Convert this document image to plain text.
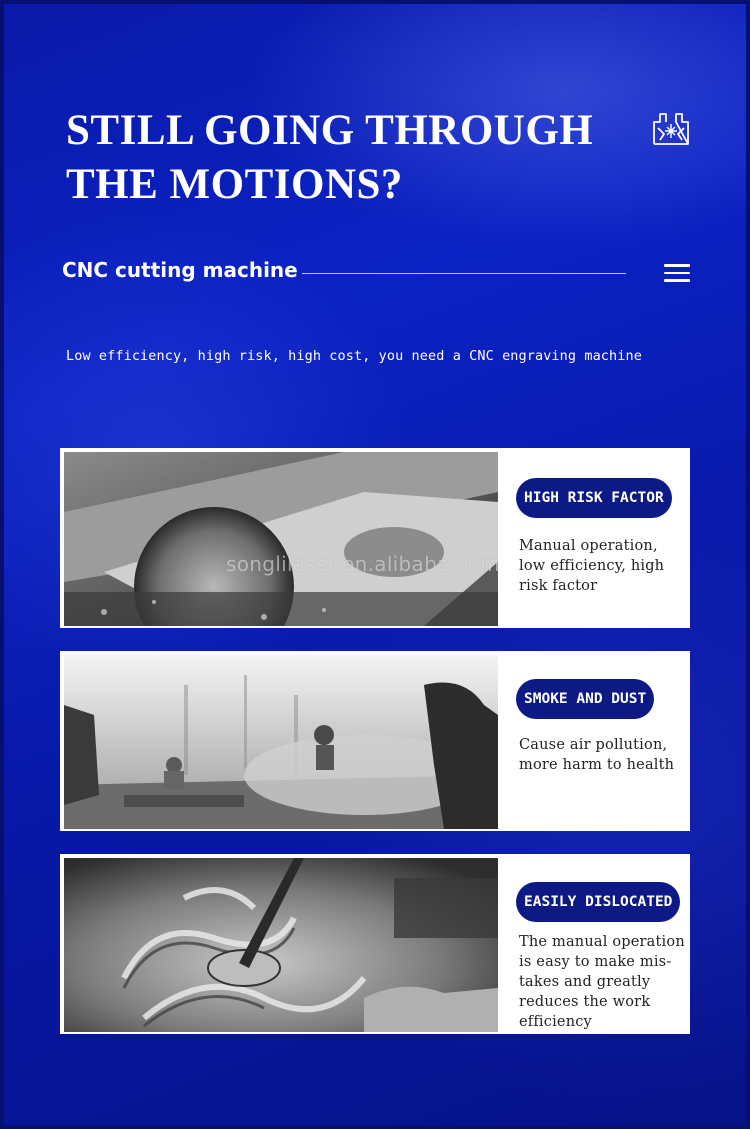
STILL GOING THROUGH
THE MOTIONS?
CNC cutting machine
Low efficiency, high risk, high cost, you need a CNC engraving machine
HIGH RISK FACTOR
Manual operation, low efficiency, high risk factor
SMOKE AND DUST
Cause air pollution, more harm to health
EASILY DISLOCATED
The manual operation is easy to make mis-takes and greatly reduces the work efficiency
songlilaser.en.alibaba.com
